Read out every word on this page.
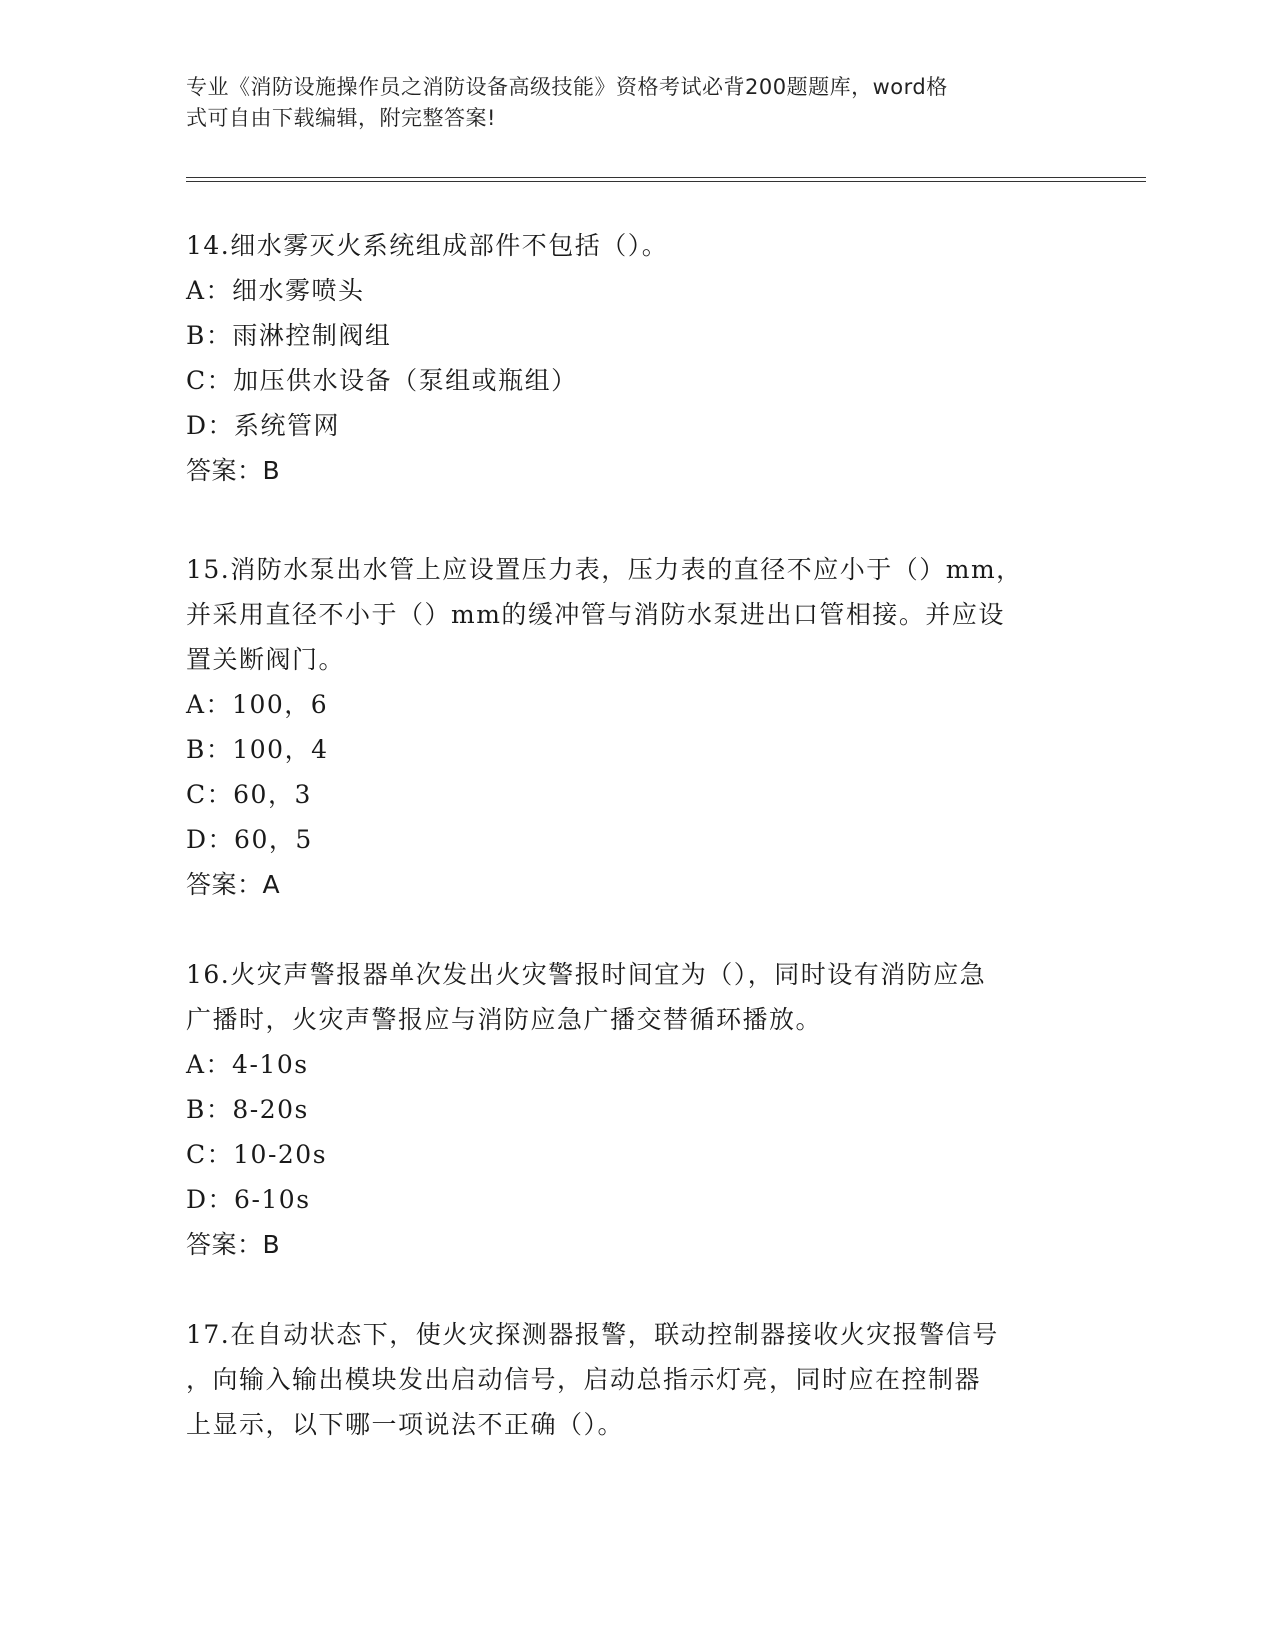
专业《消防设施操作员之消防设备高级技能》资格考试必背200题题库，word格
式可自由下载编辑，附完整答案!
14.细水雾灭火系统组成部件不包括（）。
A：细水雾喷头
B：雨淋控制阀组
C：加压供水设备（泵组或瓶组）
D：系统管网
答案：B
15.消防水泵出水管上应设置压力表，压力表的直径不应小于（）mm，
并采用直径不小于（）mm的缓冲管与消防水泵进出口管相接。并应设
置关断阀门。
A：100，6
B：100，4
C：60，3
D：60，5
答案：A
16.火灾声警报器单次发出火灾警报时间宜为（），同时设有消防应急
广播时，火灾声警报应与消防应急广播交替循环播放。
A：4-10s
B：8-20s
C：10-20s
D：6-10s
答案：B
17.在自动状态下，使火灾探测器报警，联动控制器接收火灾报警信号
，向输入输出模块发出启动信号，启动总指示灯亮，同时应在控制器
上显示，以下哪一项说法不正确（）。
